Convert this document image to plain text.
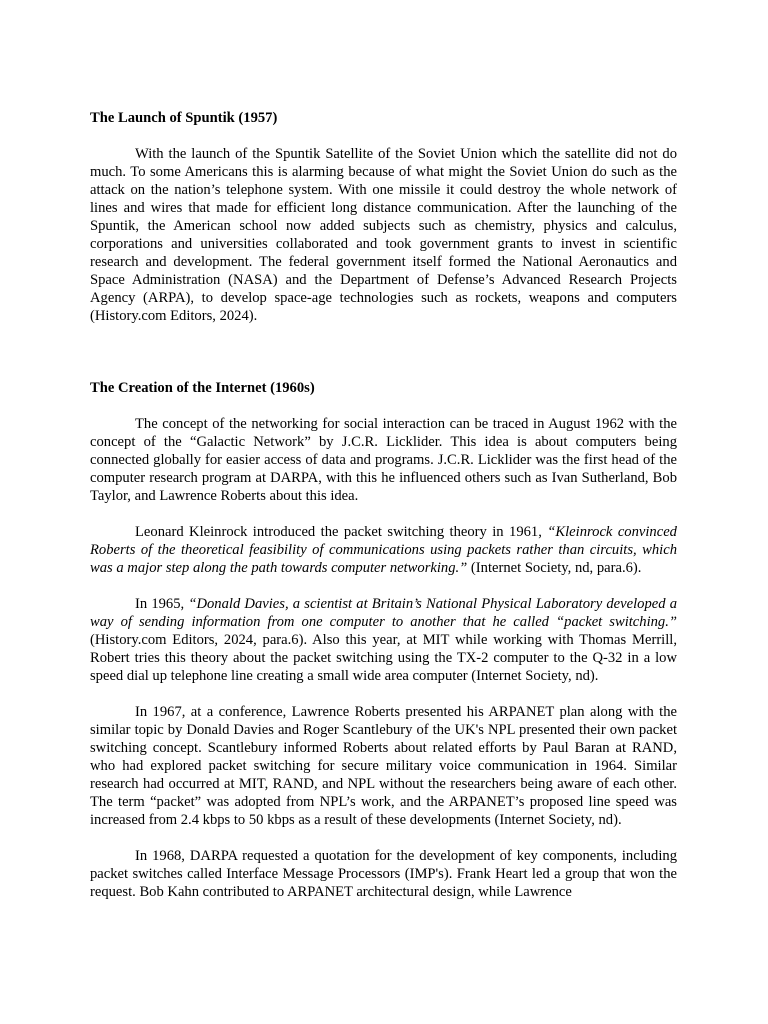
The Launch of Spuntik (1957)

With the launch of the Spuntik Satellite of the Soviet Union which the satellite did not do much. To some Americans this is alarming because of what might the Soviet Union do such as the attack on the nation’s telephone system. With one missile it could destroy the whole network of lines and wires that made for efficient long distance communication. After the launching of the Spuntik, the American school now added subjects such as chemistry, physics and calculus, corporations and universities collaborated and took government grants to invest in scientific research and development. The federal government itself formed the National Aeronautics and Space Administration (NASA) and the Department of Defense’s Advanced Research Projects Agency (ARPA), to develop space-age technologies such as rockets, weapons and computers (History.com Editors, 2024).

The Creation of the Internet (1960s)

The concept of the networking for social interaction can be traced in August 1962 with the concept of the “Galactic Network” by J.C.R. Licklider. This idea is about computers being connected globally for easier access of data and programs. J.C.R. Licklider was the first head of the computer research program at DARPA, with this he influenced others such as Ivan Sutherland, Bob Taylor, and Lawrence Roberts about this idea.

Leonard Kleinrock introduced the packet switching theory in 1961, “Kleinrock convinced Roberts of the theoretical feasibility of communications using packets rather than circuits, which was a major step along the path towards computer networking.” (Internet Society, nd, para.6).

In 1965, “Donald Davies, a scientist at Britain’s National Physical Laboratory developed a way of sending information from one computer to another that he called “packet switching.” (History.com Editors, 2024, para.6). Also this year, at MIT while working with Thomas Merrill, Robert tries this theory about the packet switching using the TX-2 computer to the Q-32 in a low speed dial up telephone line creating a small wide area computer (Internet Society, nd).

In 1967, at a conference, Lawrence Roberts presented his ARPANET plan along with the similar topic by Donald Davies and Roger Scantlebury of the UK's NPL presented their own packet switching concept. Scantlebury informed Roberts about related efforts by Paul Baran at RAND, who had explored packet switching for secure military voice communication in 1964. Similar research had occurred at MIT, RAND, and NPL without the researchers being aware of each other. The term “packet” was adopted from NPL’s work, and the ARPANET’s proposed line speed was increased from 2.4 kbps to 50 kbps as a result of these developments (Internet Society, nd).

In 1968, DARPA requested a quotation for the development of key components, including packet switches called Interface Message Processors (IMP's). Frank Heart led a group that won the request. Bob Kahn contributed to ARPANET architectural design, while Lawrence
